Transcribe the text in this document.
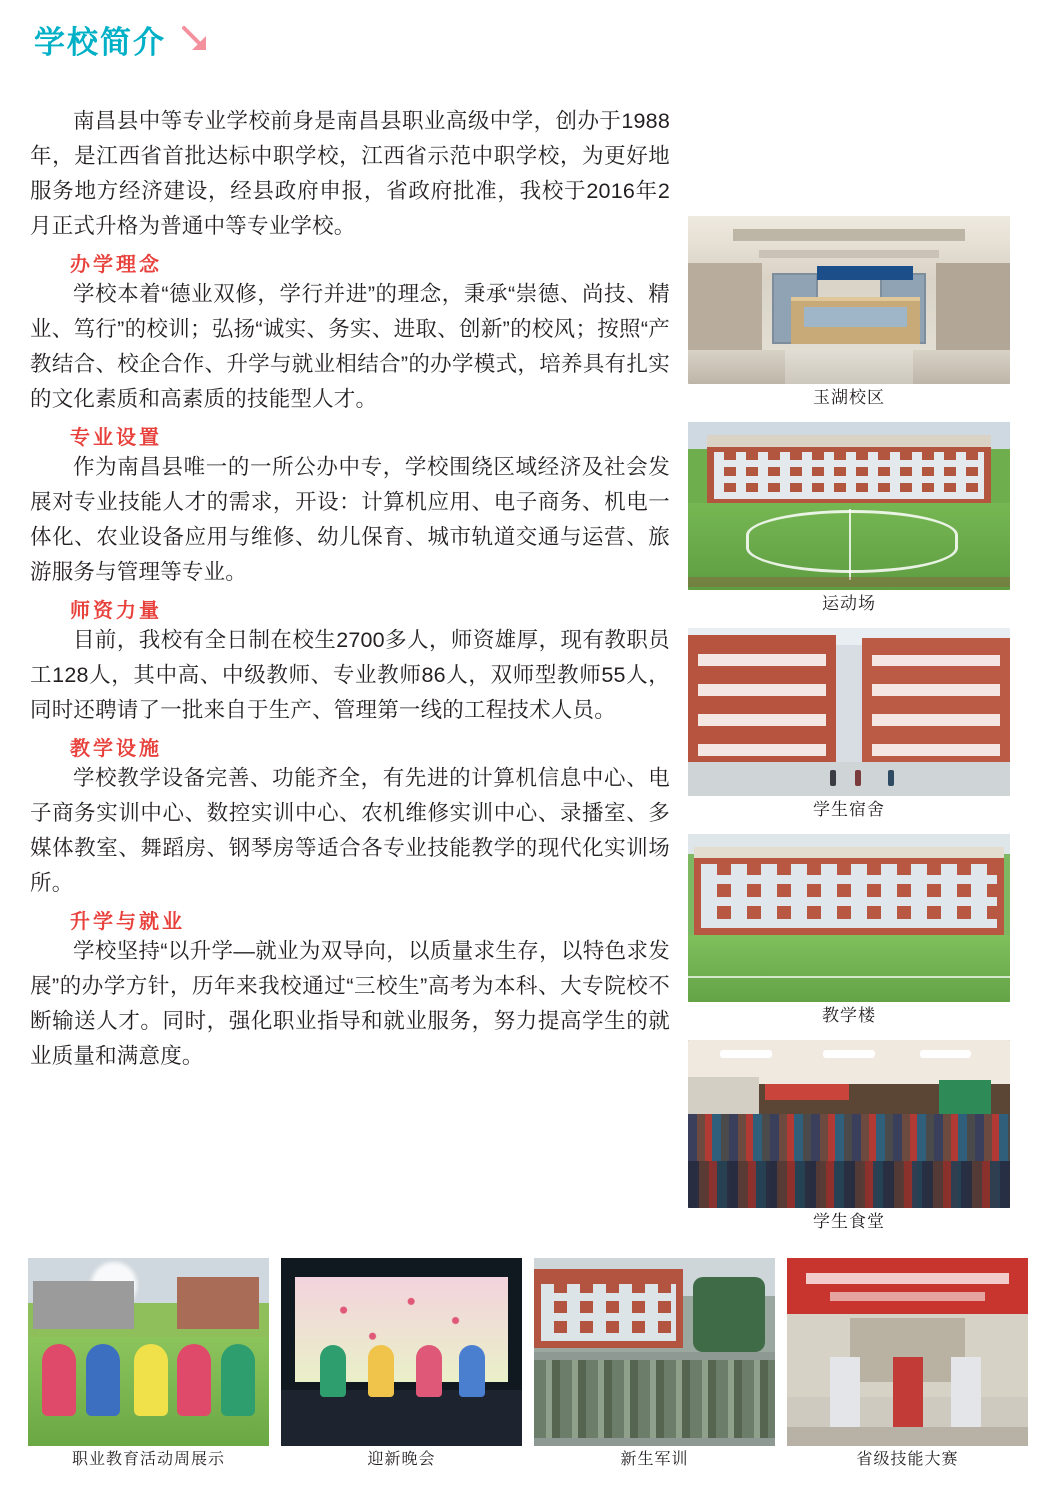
学校简介

南昌县中等专业学校前身是南昌县职业高级中学，创办于1988年，是江西省首批达标中职学校，江西省示范中职学校，为更好地服务地方经济建设，经县政府申报，省政府批准，我校于2016年2月正式升格为普通中等专业学校。

办学理念

学校本着“德业双修，学行并进”的理念，秉承“崇德、尚技、精业、笃行”的校训；弘扬“诚实、务实、进取、创新”的校风；按照“产教结合、校企合作、升学与就业相结合”的办学模式，培养具有扎实的文化素质和高素质的技能型人才。

专业设置

作为南昌县唯一的一所公办中专，学校围绕区域经济及社会发展对专业技能人才的需求，开设：计算机应用、电子商务、机电一体化、农业设备应用与维修、幼儿保育、城市轨道交通与运营、旅游服务与管理等专业。

师资力量

目前，我校有全日制在校生2700多人，师资雄厚，现有教职员工128人，其中高、中级教师、专业教师86人，双师型教师55人，同时还聘请了一批来自于生产、管理第一线的工程技术人员。

教学设施

学校教学设备完善、功能齐全，有先进的计算机信息中心、电子商务实训中心、数控实训中心、农机维修实训中心、录播室、多媒体教室、舞蹈房、钢琴房等适合各专业技能教学的现代化实训场所。

升学与就业

学校坚持“以升学—就业为双导向，以质量求生存，以特色求发展”的办学方针，历年来我校通过“三校生”高考为本科、大专院校不断输送人才。同时，强化职业指导和就业服务，努力提高学生的就业质量和满意度。

玉湖校区
运动场
学生宿舍
教学楼
学生食堂
职业教育活动周展示	迎新晚会	新生军训	省级技能大赛
